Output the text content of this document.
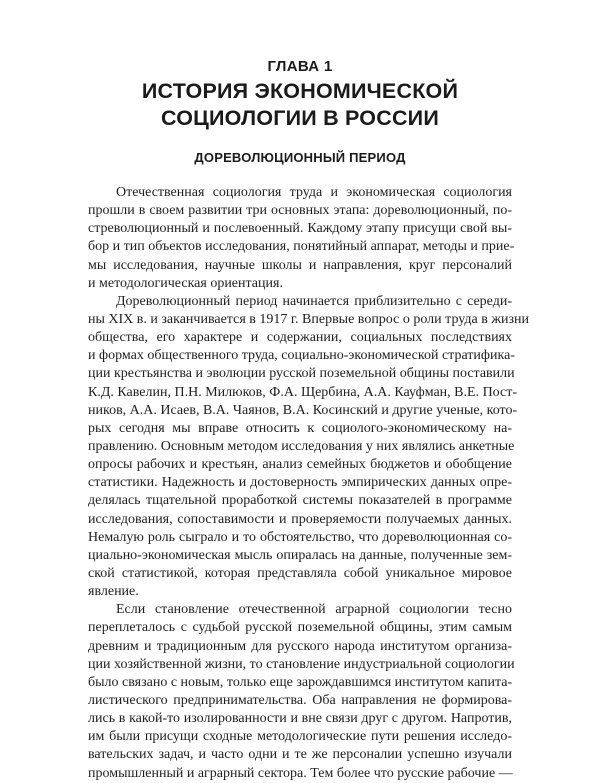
ГЛАВА 1
ИСТОРИЯ ЭКОНОМИЧЕСКОЙ
СОЦИОЛОГИИ В РОССИИ
ДОРЕВОЛЮЦИОННЫЙ ПЕРИОД
Отечественная социология труда и экономическая социология
прошли в своем развитии три основных этапа: дореволюционный, по-
стреволюционный и послевоенный. Каждому этапу присущи свой вы-
бор и тип объектов исследования, понятийный аппарат, методы и прие-
мы исследования, научные школы и направления, круг персоналий
и методологическая ориентация.
Дореволюционный период начинается приблизительно с середи-
ны XIX в. и заканчивается в 1917 г. Впервые вопрос о роли труда в жизни
общества, его характере и содержании, социальных последствиях
и формах общественного труда, социально-экономической стратифика-
ции крестьянства и эволюции русской поземельной общины поставили
К.Д. Кавелин, П.Н. Милюков, Ф.А. Щербина, А.А. Кауфман, В.Е. Пост-
ников, А.А. Исаев, В.А. Чаянов, В.А. Косинский и другие ученые, кото-
рых сегодня мы вправе относить к социолого-экономическому на-
правлению. Основным методом исследования у них являлись анкетные
опросы рабочих и крестьян, анализ семейных бюджетов и обобщение
статистики. Надежность и достоверность эмпирических данных опре-
делялась тщательной проработкой системы показателей в программе
исследования, сопоставимости и проверяемости получаемых данных.
Немалую роль сыграло и то обстоятельство, что дореволюционная со-
циально-экономическая мысль опиралась на данные, полученные зем-
ской статистикой, которая представляла собой уникальное мировое
явление.
Если становление отечественной аграрной социологии тесно
переплеталось с судьбой русской поземельной общины, этим самым
древним и традиционным для русского народа институтом организа-
ции хозяйственной жизни, то становление индустриальной социологии
было связано с новым, только еще зарождавшимся институтом капита-
листического предпринимательства. Оба направления не формирова-
лись в какой-то изолированности и вне связи друг с другом. Напротив,
им были присущи сходные методологические пути решения исследо-
вательских задач, и часто одни и те же персоналии успешно изучали
промышленный и аграрный сектора. Тем более что русские рабочие —
